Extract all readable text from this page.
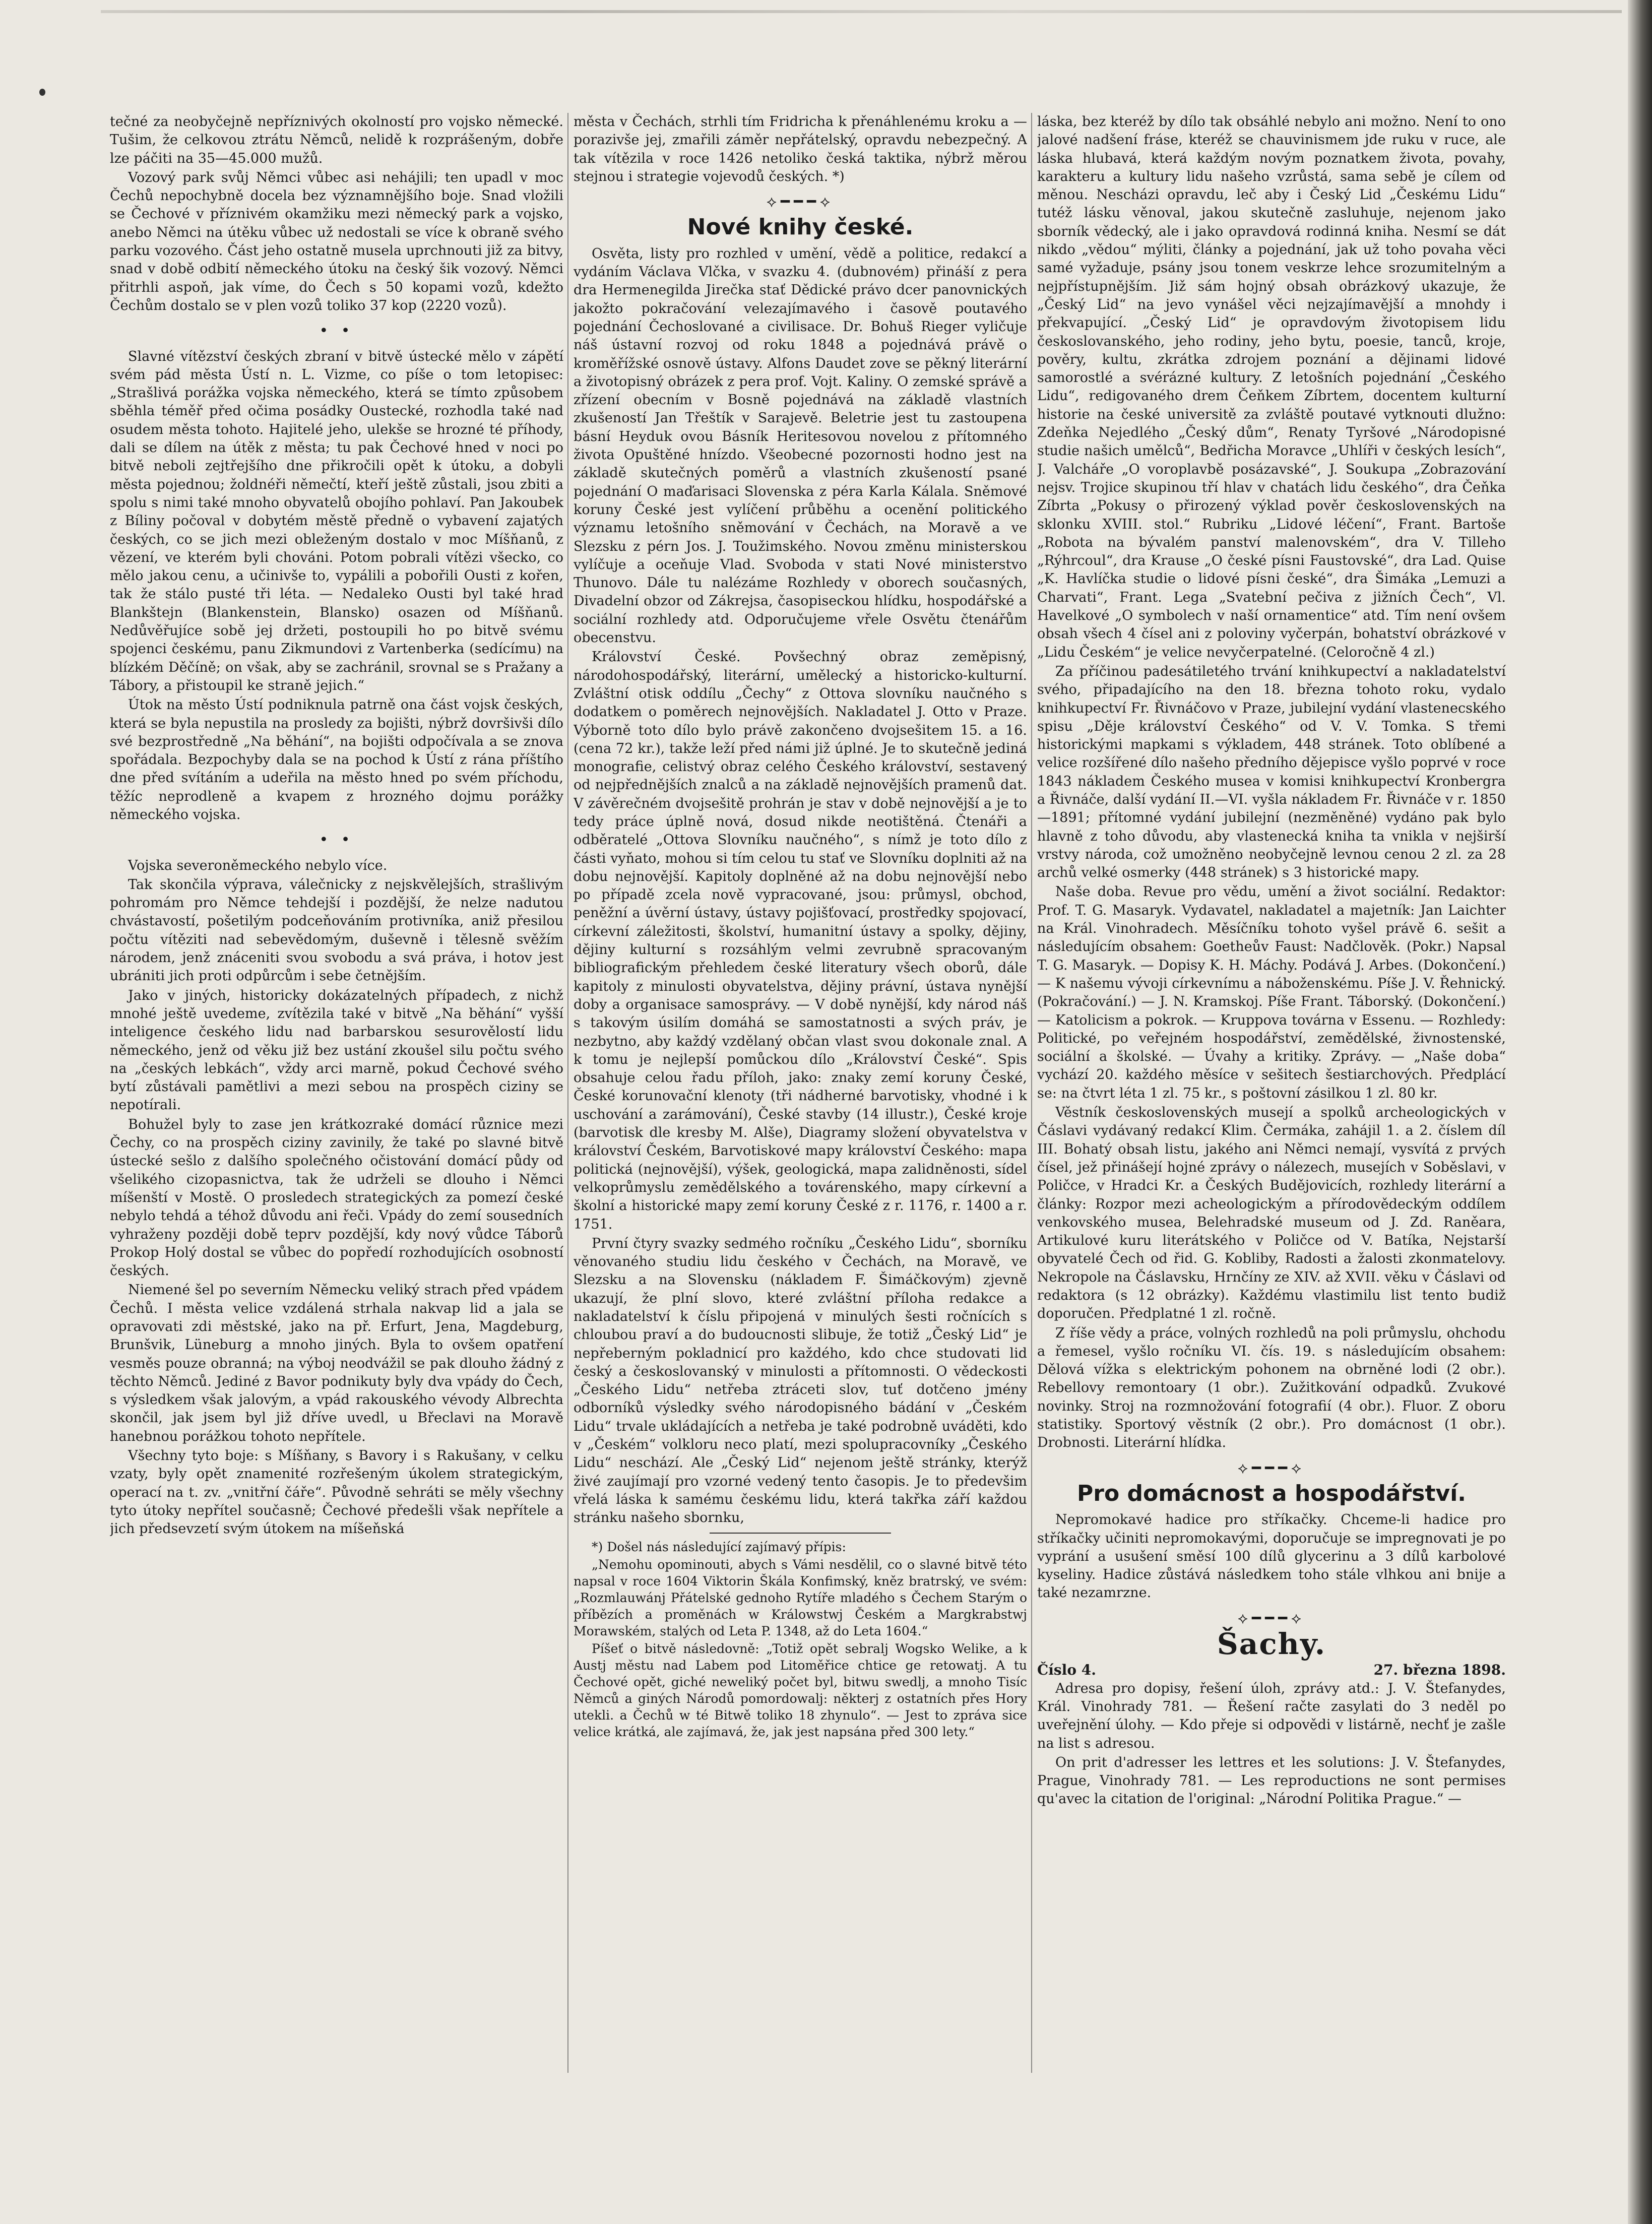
tečné za neobyčejně nepříznivých okolností pro vojsko německé. Tušim, že celkovou ztrátu Němců, nelidě k rozprášeným, dobře lze páčiti na 35—45.000 mužů.

Vozový park svůj Němci vůbec asi nehájili; ten upadl v moc Čechů nepochybně docela bez významnějšího boje. Snad vložili se Čechové v příznivém okamžiku mezi německý park a vojsko, anebo Němci na útěku vůbec už nedostali se více k obraně svého parku vozového. Část jeho ostatně musela uprchnouti již za bitvy, snad v době odbití německého útoku na český šik vozový. Němci přitrhli aspoň, jak víme, do Čech s 50 kopami vozů, kdežto Čechům dostalo se v plen vozů toliko 37 kop (2220 vozů).

• •

Slavné vítězství českých zbraní v bitvě ústecké mělo v zápětí svém pád města Ústí n. L. Vizme, co píše o tom letopisec: „Strašlivá porážka vojska německého, která se tímto způsobem sběhla téměř před očima posádky Oustecké, rozhodla také nad osudem města tohoto. Hajitelé jeho, ulekše se hrozné té příhody, dali se dílem na útěk z města; tu pak Čechové hned v noci po bitvě neboli zejtřejšího dne přikročili opět k útoku, a dobyli města pojednou; žoldnéři němečtí, kteří ještě zůstali, jsou zbiti a spolu s nimi také mnoho obyvatelů obojího pohlaví. Pan Jakoubek z Bíliny počoval v dobytém městě předně o vybavení zajatých českých, co se jich mezi obleženým dostalo v moc Míšňanů, z vězení, ve kterém byli chováni. Potom pobrali vítězi všecko, co mělo jakou cenu, a učinivše to, vypálili a pobořili Ousti z kořen, tak že stálo pusté tři léta. — Nedaleko Ousti byl také hrad Blankštejn (Blankenstein, Blansko) osazen od Míšňanů. Nedůvěřujíce sobě jej držeti, postoupili ho po bitvě svému spojenci českému, panu Zikmundovi z Vartenberka (sedícímu) na blízkém Děčíně; on však, aby se zachránil, srovnal se s Pražany a Tábory, a přistoupil ke straně jejich.“

Útok na město Ústí podniknula patrně ona část vojsk českých, která se byla nepustila na prosledy za bojišti, nýbrž dovršivši dílo své bezprostředně „Na běhání“, na bojišti odpočívala a se znova spořádala. Bezpochyby dala se na pochod k Ústí z rána příštího dne před svítáním a udeřila na město hned po svém příchodu, těžíc neprodleně a kvapem z hrozného dojmu porážky německého vojska.

• •

Vojska severoněmeckého nebylo více.

Tak skončila výprava, válečnicky z nejskvělejších, strašlivým pohromám pro Němce tehdejší i pozdější, že nelze nadutou chvástavostí, pošetilým podceňováním protivníka, aniž přesilou počtu vítěziti nad sebevědomým, duševně i tělesně svěžím národem, jenž znáceniti svou svobodu a svá práva, i hotov jest ubrániti jich proti odpůrcům i sebe četnějším.

Jako v jiných, historicky dokázatelných případech, z nichž mnohé ještě uvedeme, zvítězila také v bitvě „Na běhání“ vyšší inteligence českého lidu nad barbarskou sesurovělostí lidu německého, jenž od věku již bez ustání zkoušel silu počtu svého na „českých lebkách“, vždy arci marně, pokud Čechové svého bytí zůstávali pamětlivi a mezi sebou na prospěch ciziny se nepotírali.

Bohužel byly to zase jen krátkozraké domácí různice mezi Čechy, co na prospěch ciziny zavinily, že také po slavné bitvě ústecké sešlo z dalšího společného očistování domácí půdy od všelikého cizopasnictva, tak že udrželi se dlouho i Němci míšenští v Mostě. O prosledech strategických za pomezí české nebylo tehdá a téhož důvodu ani řeči. Vpády do zemí sousedních vyhraženy později době teprv pozdější, kdy nový vůdce Táborů Prokop Holý dostal se vůbec do popředí rozhodujících osobností českých.

Niemené šel po severním Německu veliký strach před vpádem Čechů. I města velice vzdálená strhala nakvap lid a jala se opravovati zdi městské, jako na př. Erfurt, Jena, Magdeburg, Brunšvik, Lüneburg a mnoho jiných. Byla to ovšem opatření vesměs pouze obranná; na výboj neodvážil se pak dlouho žádný z těchto Němců. Jediné z Bavor podnikuty byly dva vpády do Čech, s výsledkem však jalovým, a vpád rakouského vévody Albrechta skončil, jak jsem byl již dříve uvedl, u Břeclavi na Moravě hanebnou porážkou tohoto nepřítele.

Všechny tyto boje: s Míšňany, s Bavory i s Rakušany, v celku vzaty, byly opět znamenité rozřešeným úkolem strategickým, operací na t. zv. „vnitřní čáře“. Původně sehráti se měly všechny tyto útoky nepřítel současně; Čechové předešli však nepřítele a jich předsevzetí svým útokem na míšeňská

města v Čechách, strhli tím Fridricha k přenáhlenému kroku a — porazivše jej, zmařili záměr nepřátelský, opravdu nebezpečný. A tak vítězila v roce 1426 netoliko česká taktika, nýbrž měrou stejnou i strategie vojevodů českých. *)

⟡━━━⟡
Nové knihy české.

Osvěta, listy pro rozhled v umění, vědě a politice, redakcí a vydáním Václava Vlčka, v svazku 4. (dubnovém) přináší z pera dra Hermenegilda Jirečka stať Dědické právo dcer panovnických jakožto pokračování velezajímavého i časově poutavého pojednání Čechoslované a civilisace. Dr. Bohuš Rieger vyličuje náš ústavní rozvoj od roku 1848 a pojednává právě o kroměřížské osnově ústavy. Alfons Daudet zove se pěkný literární a životopisný obrázek z pera prof. Vojt. Kaliny. O zemské správě a zřízení obecním v Bosně pojednává na základě vlastních zkušeností Jan Třeštík v Sarajevě. Beletrie jest tu zastoupena básní Heyduk ovou Básník Heritesovou novelou z přítomného života Opuštěné hnízdo. Všeobecné pozornosti hodno jest na základě skutečných poměrů a vlastních zkušeností psané pojednání O maďarisaci Slovenska z péra Karla Kálala. Sněmové koruny České jest vylíčení průběhu a ocenění politického významu letošního sněmování v Čechách, na Moravě a ve Slezsku z pérn Jos. J. Toužimského. Novou změnu ministerskou vylíčuje a oceňuje Vlad. Svoboda v stati Nové ministerstvo Thunovo. Dále tu nalézáme Rozhledy v oborech současných, Divadelní obzor od Zákrejsa, časopiseckou hlídku, hospodářské a sociální rozhledy atd. Odporučujeme vřele Osvětu čtenářům obecenstvu.

Království České. Povšechný obraz zeměpisný, národohospodářský, literární, umělecký a historicko-kulturní. Zvláštní otisk oddílu „Čechy“ z Ottova slovníku naučného s dodatkem o poměrech nejnovějších. Nakladatel J. Otto v Praze. Výborně toto dílo bylo právě zakončeno dvojsešitem 15. a 16. (cena 72 kr.), takže leží před námi již úplné. Je to skutečně jediná monografie, celistvý obraz celého Českého království, sestavený od nejpřednějších znalců a na základě nejnovějších pramenů dat. V závěrečném dvojsešitě prohrán je stav v době nejnovější a je to tedy práce úplně nová, dosud nikde neotištěná. Čtenáři a odběratelé „Ottova Slovníku naučného“, s nímž je toto dílo z části vyňato, mohou si tím celou tu stať ve Slovníku doplniti až na dobu nejnovější. Kapitoly doplněné až na dobu nejnovější nebo po případě zcela nově vypracované, jsou: průmysl, obchod, peněžní a úvěrní ústavy, ústavy pojišťovací, prostředky spojovací, církevní záležitosti, školství, humanitní ústavy a spolky, dějiny, dějiny kulturní s rozsáhlým velmi zevrubně spracovaným bibliografickým přehledem české literatury všech oborů, dále kapitoly z minulosti obyvatelstva, dějiny právní, ústava nynější doby a organisace samosprávy. — V době nynější, kdy národ náš s takovým úsilím domáhá se samostatnosti a svých práv, je nezbytno, aby každý vzdělaný občan vlast svou dokonale znal. A k tomu je nejlepší pomůckou dílo „Království České“. Spis obsahuje celou řadu příloh, jako: znaky zemí koruny České, České korunovační klenoty (tři nádherné barvotisky, vhodné i k uschování a zarámování), České stavby (14 illustr.), České kroje (barvotisk dle kresby M. Alše), Diagramy složení obyvatelstva v království Českém, Barvotiskové mapy království Českého: mapa politická (nejnovější), výšek, geologická, mapa zalidněnosti, sídel velkoprůmyslu zemědělského a továrenského, mapy církevní a školní a historické mapy zemí koruny České z r. 1176, r. 1400 a r. 1751.

První čtyry svazky sedmého ročníku „Českého Lidu“, sborníku věnovaného studiu lidu českého v Čechách, na Moravě, ve Slezsku a na Slovensku (nákladem F. Šimáčkovým) zjevně ukazují, že plní slovo, které zvláštní příloha redakce a nakladatelství k číslu připojená v minulých šesti ročnících s chloubou praví a do budoucnosti slibuje, že totiž „Český Lid“ je nepřeberným pokladnicí pro každého, kdo chce studovati lid český a českoslovanský v minulosti a přítomnosti. O vědeckosti „Českého Lidu“ netřeba ztráceti slov, tuť dotčeno jmény odborníků výsledky svého národopisného bádání v „Českém Lidu“ trvale ukládajících a netřeba je také podrobně uváděti, kdo v „Českém“ volkloru neco platí, mezi spolupracovníky „Českého Lidu“ neschází. Ale „Český Lid“ nejenom ještě stránky, kterýž živé zaujímají pro vzorné vedený tento časopis. Je to předevšim vřelá láska k samému českému lidu, která takřka září každou stránku našeho sbornku,

*) Došel nás následující zajímavý přípis:

„Nemohu opominouti, abych s Vámi nesdělil, co o slavné bitvě této napsal v roce 1604 Viktorin Škála Konfimský, kněz bratrský, ve svém: „Rozmlauwánj Přátelské gednoho Rytíře mladého s Čechem Starým o příbězích a proměnách w Králowstwj Českém a Margkrabstwj Morawském, stalých od Leta P. 1348, až do Leta 1604.“

Píšeť o bitvě následovně: „Totiž opět sebralj Wogsko Welike, a k Austj městu nad Labem pod Litoměřice chtice ge retowatj. A tu Čechové opět, giché neweliký počet byl, bitwu swedlj, a mnoho Tisíc Němců a giných Národů pomordowalj: některj z ostatních přes Hory utekli. a Čechů w té Bitwě toliko 18 zhynulo“. — Jest to zpráva sice velice krátká, ale zajímavá, že, jak jest napsána před 300 lety.“

láska, bez kteréž by dílo tak obsáhlé nebylo ani možno. Není to ono jalové nadšení fráse, kteréž se chauvinismem jde ruku v ruce, ale láska hlubavá, která každým novým poznatkem života, povahy, karakteru a kultury lidu našeho vzrůstá, sama sebě je cílem od měnou. Nescházi opravdu, leč aby i Český Lid „Českému Lidu“ tutéž lásku věnoval, jakou skutečně zasluhuje, nejenom jako sborník vědecký, ale i jako opravdová rodinná kniha. Nesmí se dát nikdo „vědou“ mýliti, články a pojednání, jak už toho povaha věci samé vyžaduje, psány jsou tonem veskrze lehce srozumitelným a nejpřístupnějším. Již sám hojný obsah obrázkový ukazuje, že „Český Lid“ na jevo vynášel věci nejzajímavější a mnohdy i překvapující. „Český Lid“ je opravdovým životopisem lidu českoslovanského, jeho rodiny, jeho bytu, poesie, tanců, kroje, pověry, kultu, zkrátka zdrojem poznání a dějinami lidové samorostlé a svérázné kultury. Z letošních pojednání „Českého Lidu“, redigovaného drem Čeňkem Zíbrtem, docentem kulturní historie na české universitě za zvláště poutavé vytknouti dlužno: Zdeňka Nejedlého „Český dům“, Renaty Tyršové „Národopisné studie našich umělců“, Bedřicha Moravce „Uhlíři v českých lesích“, J. Valcháře „O voroplavbě posázavské“, J. Soukupa „Zobrazování nejsv. Trojice skupinou tří hlav v chatách lidu českého“, dra Čeňka Zíbrta „Pokusy o přirozený výklad pověr československých na sklonku XVIII. stol.“ Rubriku „Lidové léčení“, Frant. Bartoše „Robota na bývalém panství malenovském“, dra V. Tilleho „Rýhrcoul“, dra Krause „O české písni Faustovské“, dra Lad. Quise „K. Havlíčka studie o lidové písni české“, dra Šimáka „Lemuzi a Charvati“, Frant. Lega „Svatební pečiva z jižních Čech“, Vl. Havelkové „O symbolech v naší ornamentice“ atd. Tím není ovšem obsah všech 4 čísel ani z poloviny vyčerpán, bohatství obrázkové v „Lidu Českém“ je velice nevyčerpatelné. (Celoročně 4 zl.)

Za příčinou padesátiletého trvání knihkupectví a nakladatelství svého, připadajícího na den 18. března tohoto roku, vydalo knihkupectví Fr. Řivnáčovo v Praze, jubilejní vydání vlastenecského spisu „Děje království Českého“ od V. V. Tomka. S třemi historickými mapkami s výkladem, 448 stránek. Toto oblíbené a velice rozšířené dílo našeho předního dějepisce vyšlo poprvé v roce 1843 nákladem Českého musea v komisi knihkupectví Kronbergra a Řivnáče, další vydání II.—VI. vyšla nákladem Fr. Řivnáče v r. 1850—1891; přítomné vydání jubilejní (nezměněné) vydáno pak bylo hlavně z toho důvodu, aby vlastenecká kniha ta vnikla v nejširší vrstvy národa, což umožněno neobyčejně levnou cenou 2 zl. za 28 archů velké osmerky (448 stránek) s 3 historické mapy.

Naše doba. Revue pro vědu, umění a život sociální. Redaktor: Prof. T. G. Masaryk. Vydavatel, nakladatel a majetník: Jan Laichter na Král. Vinohradech. Měsíčníku tohoto vyšel právě 6. sešit a následujícím obsahem: Goetheův Faust: Nadčlověk. (Pokr.) Napsal T. G. Masaryk. — Dopisy K. H. Máchy. Podává J. Arbes. (Dokončení.) — K našemu vývoji církevnímu a náboženskému. Píše J. V. Řehnický. (Pokračování.) — J. N. Kramskoj. Píše Frant. Táborský. (Dokončení.) — Katolicism a pokrok. — Kruppova továrna v Essenu. — Rozhledy: Politické, po veřejném hospodářství, zemědělské, živnostenské, sociální a školské. — Úvahy a kritiky. Zprávy. — „Naše doba“ vychází 20. každého měsíce v sešitech šestiarchových. Předplácí se: na čtvrt léta 1 zl. 75 kr., s poštovní zásilkou 1 zl. 80 kr.

Věstník československých musejí a spolků archeologických v Čáslavi vydávaný redakcí Klim. Čermáka, zahájil 1. a 2. číslem díl III. Bohatý obsah listu, jakého ani Němci nemají, vysvítá z prvých čísel, jež přinášejí hojné zprávy o nálezech, musejích v Soběslavi, v Poličce, v Hradci Kr. a Českých Budějovicích, rozhledy literární a články: Rozpor mezi acheologickým a přírodovědeckým oddílem venkovského musea, Belehradské museum od J. Zd. Raněara, Artikulové kuru literátského v Poličce od V. Batíka, Nejstarší obyvatelé Čech od řid. G. Kobliby, Radosti a žalosti zkonmatelovy. Nekropole na Čáslavsku, Hrnčíny ze XIV. až XVII. věku v Čáslavi od redaktora (s 12 obrázky). Každému vlastimilu list tento budiž doporučen. Předplatné 1 zl. ročně.

Z říše vědy a práce, volných rozhledů na poli průmyslu, ohchodu a řemesel, vyšlo ročníku VI. čís. 19. s následujícím obsahem: Dělová vížka s elektrickým pohonem na obrněné lodi (2 obr.). Rebellovy remontoary (1 obr.). Zužitkování odpadků. Zvukové novinky. Stroj na rozmnožování fotografií (4 obr.). Fluor. Z oboru statistiky. Sportový věstník (2 obr.). Pro domácnost (1 obr.). Drobnosti. Literární hlídka.

⟡━━━⟡
Pro domácnost a hospodářství.

Nepromokavé hadice pro stříkačky. Chceme-li hadice pro stříkačky učiniti nepromokavými, doporučuje se impregnovati je po vyprání a usušení směsí 100 dílů glycerinu a 3 dílů karbolové kyseliny. Hadice zůstává následkem toho stále vlhkou ani bnije a také nezamrzne.

⟡━━━⟡
Šachy.
Číslo 4.	27. března 1898.

Adresa pro dopisy, řešení úloh, zprávy atd.: J. V. Štefanydes, Král. Vinohrady 781. — Řešení račte zasylati do 3 neděl po uveřejnění úlohy. — Kdo přeje si odpovědi v listárně, nechť je zašle na list s adresou.

On prit d'adresser les lettres et les solutions: J. V. Štefanydes, Prague, Vinohrady 781. — Les reproductions ne sont permises qu'avec la citation de l'original: „Národní Politika Prague.“ —
